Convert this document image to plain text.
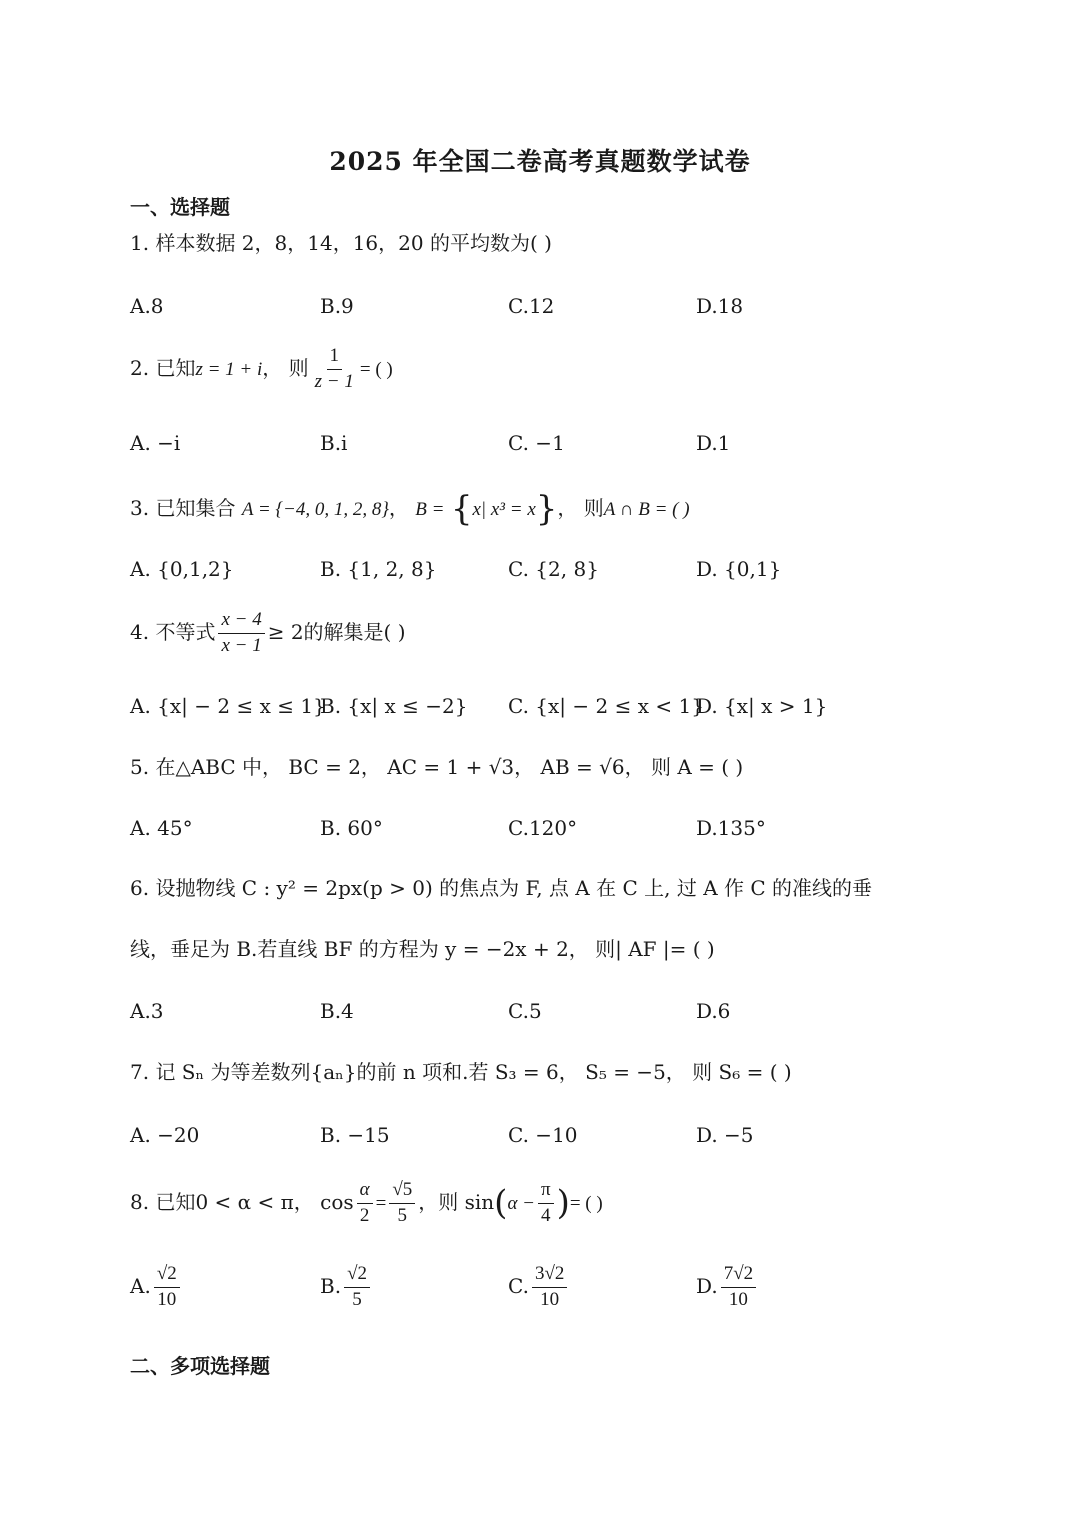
2025 年全国二卷高考真题数学试卷
一、选择题
1. 样本数据 2，8，14，16，20 的平均数为( )
A.8	B.9	C.12	D.18
2. 已知z = 1 + i， 则 $\frac{1}{z - 1}$ = ( )
A. −i	B.i	C. −1	D.1
3. 已知集合 A = {−4, 0, 1, 2, 8}， B = {x| x³ = x}， 则A ∩ B = ( )
A. {0,1,2}	B. {1, 2, 8}	C. {2, 8}	D. {0,1}
4. 不等式 $\frac{x - 4}{x - 1} \ge 2$的解集是( )
A. {x| − 2 ≤ x ≤ 1}
B. {x| x ≤ −2} C. {x| − 2 ≤ x < 1}
D. {x| x > 1}
5. 在△ABC 中， BC = 2， AC = 1 + √3， AB = √6， 则 A = ( )
A. 45°	B. 60°	C.120°	D.135°
6. 设抛物线 C : y² = 2px(p > 0) 的焦点为 F, 点 A 在 C 上, 过 A 作 C 的准线的垂
线，垂足为 B.若直线 BF 的方程为 y = −2x + 2， 则| AF |= ( )
A.3	B.4	C.5	D.6
7. 记 Sₙ 为等差数列{aₙ}的前 n 项和.若 S₃ = 6， S₅ = −5， 则 S₆ = ( )
A. −20	B. −15	C. −10	D. −5
8. 已知0 < α < π， $\cos \frac{\alpha}{2} = \frac{√5}{5}$ ，则 $\sin(\alpha - \frac{\pi}{4}$ )= ( )
A. $\frac{√2}{10}$	B. $\frac{√2}{5}$	C. $\frac{3√2}{10}$	D. $\frac{7√2}{10}$
二、多项选择题
